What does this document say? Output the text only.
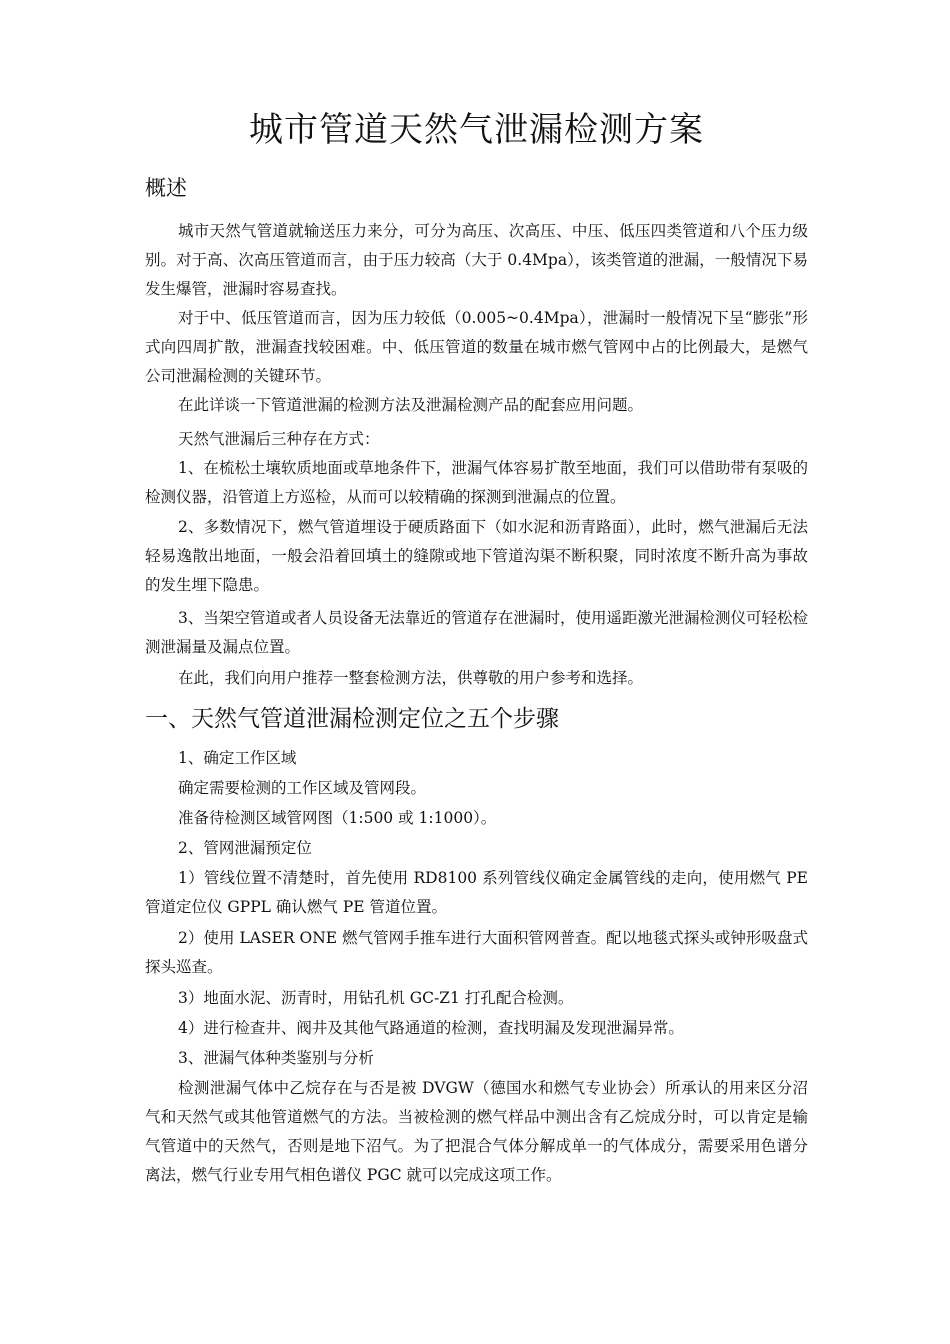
城市管道天然气泄漏检测方案
概述

城市天然气管道就输送压力来分，可分为高压、次高压、中压、低压四类管道和八个压力级别。对于高、次高压管道而言，由于压力较高（大于 0.4Mpa），该类管道的泄漏，一般情况下易发生爆管，泄漏时容易查找。

对于中、低压管道而言，因为压力较低（0.005~0.4Mpa），泄漏时一般情况下呈“膨张”形式向四周扩散，泄漏查找较困难。中、低压管道的数量在城市燃气管网中占的比例最大，是燃气公司泄漏检测的关键环节。

在此详谈一下管道泄漏的检测方法及泄漏检测产品的配套应用问题。

天然气泄漏后三种存在方式：

1、在梳松土壤软质地面或草地条件下，泄漏气体容易扩散至地面，我们可以借助带有泵吸的检测仪器，沿管道上方巡检，从而可以较精确的探测到泄漏点的位置。

2、多数情况下，燃气管道埋设于硬质路面下（如水泥和沥青路面），此时，燃气泄漏后无法轻易逸散出地面，一般会沿着回填土的缝隙或地下管道沟渠不断积聚，同时浓度不断升高为事故的发生埋下隐患。

3、当架空管道或者人员设备无法靠近的管道存在泄漏时，使用遥距激光泄漏检测仪可轻松检测泄漏量及漏点位置。

在此，我们向用户推荐一整套检测方法，供尊敬的用户参考和选择。

一、天然气管道泄漏检测定位之五个步骤

1、确定工作区域

确定需要检测的工作区域及管网段。

准备待检测区域管网图（1:500 或 1:1000）。

2、管网泄漏预定位

1）管线位置不清楚时，首先使用 RD8100 系列管线仪确定金属管线的走向，使用燃气 PE 管道定位仪 GPPL 确认燃气 PE 管道位置。

2）使用 LASER ONE 燃气管网手推车进行大面积管网普查。配以地毯式探头或钟形吸盘式探头巡查。

3）地面水泥、沥青时，用钻孔机 GC-Z1 打孔配合检测。

4）进行检查井、阀井及其他气路通道的检测，查找明漏及发现泄漏异常。

3、泄漏气体种类鉴别与分析

检测泄漏气体中乙烷存在与否是被 DVGW（德国水和燃气专业协会）所承认的用来区分沼气和天然气或其他管道燃气的方法。当被检测的燃气样品中测出含有乙烷成分时，可以肯定是输气管道中的天然气，否则是地下沼气。为了把混合气体分解成单一的气体成分，需要采用色谱分离法，燃气行业专用气相色谱仪 PGC 就可以完成这项工作。
